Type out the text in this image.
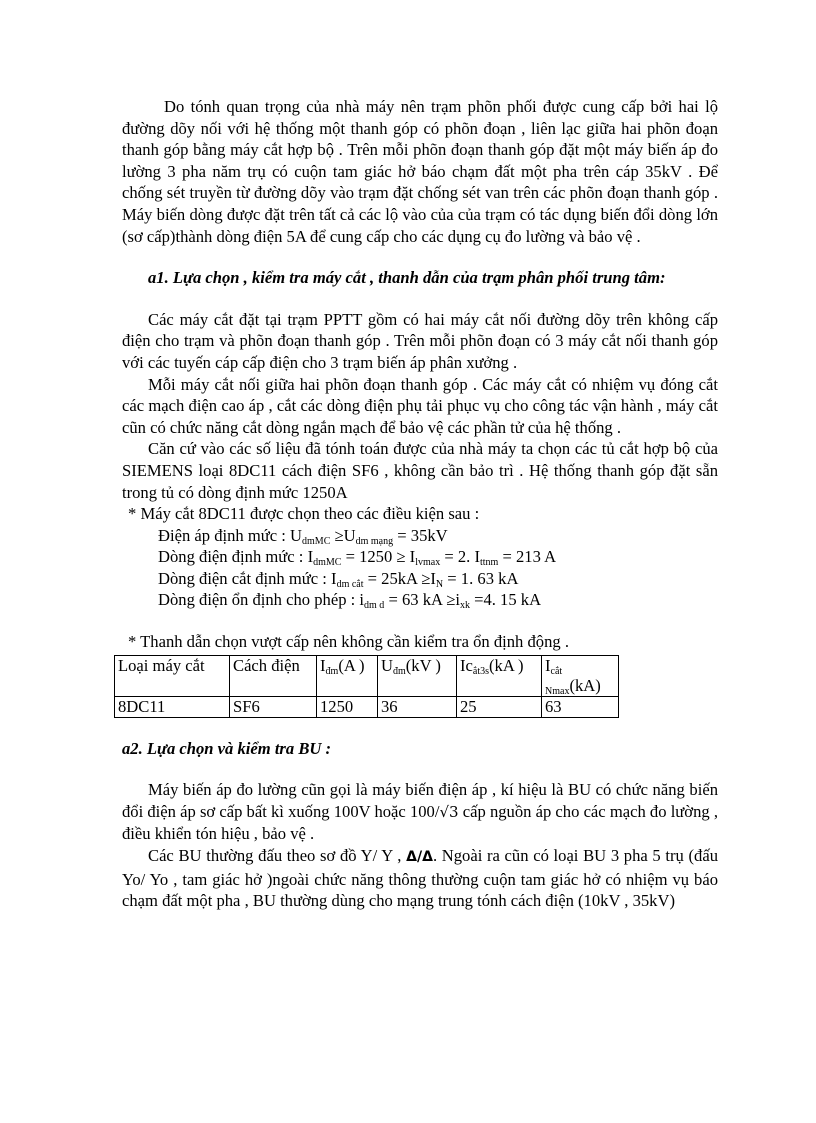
Do tónh quan trọng của nhà máy nên trạm phõn phối được cung cấp bởi hai lộ đường dõy nối với hệ thống một thanh góp có phõn đoạn , liên lạc giữa hai phõn đoạn thanh góp bằng máy cắt hợp bộ . Trên mỗi phõn đoạn thanh góp đặt một máy biến áp đo lường 3 pha năm trụ có cuộn tam giác hở báo chạm đất một pha trên cáp 35kV . Để chống sét truyền từ đường dõy vào trạm đặt chống sét van trên các phõn đoạn thanh góp . Máy biến dòng được đặt trên tất cả các lộ vào của của trạm có tác dụng biến đổi dòng lớn (sơ cấp)thành dòng điện 5A để cung cấp cho các dụng cụ đo lường và bảo vệ .

a1. Lựa chọn , kiểm tra máy cắt , thanh dẫn của trạm phân phối trung tâm:

Các máy cắt đặt tại trạm PPTT gồm có hai máy cắt nối đường dõy trên không cấp điện cho trạm và phõn đoạn thanh góp . Trên mỗi phõn đoạn có 3 máy cắt nối thanh góp với các tuyến cáp cấp điện cho 3 trạm biến áp phân xưởng .

Mỗi máy cắt nối giữa hai phõn đoạn thanh góp . Các máy cắt có nhiệm vụ đóng cắt các mạch điện cao áp , cắt các dòng điện phụ tải phục vụ cho công tác vận hành , máy cắt cũn có chức năng cắt dòng ngắn mạch để bảo vệ các phần tử của hệ thống .

Căn cứ vào các số liệu đã tónh toán được của nhà máy ta chọn các tủ cắt hợp bộ của SIEMENS loại 8DC11 cách điện SF6 , không cần bảo trì . Hệ thống thanh góp đặt sẵn trong tủ có dòng định mức 1250A

* Máy cắt 8DC11 được chọn theo các điều kiện sau :

Điện áp định mức : $U_{dmMC} \ge U_{dm mạng} = 35kV$

Dòng điện định mức : $I_{dmMC} = 1250 \ge I_{lvmax} = 2$. $I_{ttnm} = 213$ A

Dòng điện cắt định mức : $I_{dm cắt} = 25kA \ge I_N = 1$. 63 kA

Dòng điện ổn định cho phép : $i_{dm d} = 63$ kA $\ge i_{xk} =4$. 15 kA

* Thanh dẫn chọn vượt cấp nên không cần kiểm tra ổn định động .

Loại máy cắt	Cách điện	$I_{đm}(A$ )	$U_{đm}(kV$ )	$Ic_{ắt3s}(kA$ )	$I_{cắt Nmax}(kA)$
8DC11	SF6	1250	36	25	63

a2. Lựa chọn và kiểm tra BU :

Máy biến áp đo lường cũn gọi là máy biến điện áp , kí hiệu là BU có chức năng biến đổi điện áp sơ cấp bất kì xuống 100V hoặc 100/√3 cấp nguồn áp cho các mạch đo lường , điều khiển tón hiệu , bảo vệ .

Các BU thường đấu theo sơ đồ Y/ Y , Δ/Δ. Ngoài ra cũn có loại BU 3 pha 5 trụ (đấu Yo/ Yo , tam giác hở )ngoài chức năng thông thường cuộn tam giác hở có nhiệm vụ báo chạm đất một pha , BU thường dùng cho mạng trung tónh cách điện (10kV , 35kV)
